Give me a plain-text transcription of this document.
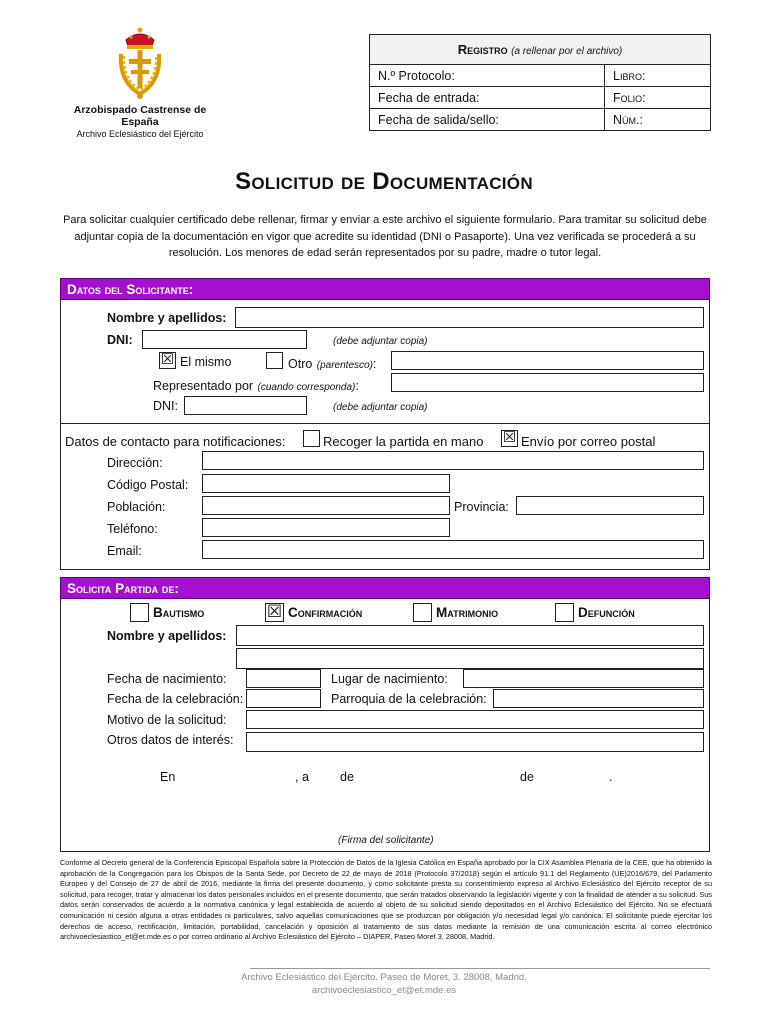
Arzobispado Castrense de España
Archivo Eclesiástico del Ejército
Registro (a rellenar por el archivo)	
N.º Protocolo:	Libro:
Fecha de entrada:	Folio:
Fecha de salida/sello:	Núm.:
Solicitud de Documentación
Para solicitar cualquier certificado debe rellenar, firmar y enviar a este archivo el siguiente formulario. Para tramitar su solicitud debe adjuntar copia de la documentación en vigor que acredite su identidad (DNI o Pasaporte). Una vez verificada se procederá a su resolución. Los menores de edad serán representados por su padre, madre o tutor legal.
Datos del Solicitante:
Nombre y apellidos:
DNI:	(debe adjuntar copia)
☒ El mismo	Otro (parentesco):
Representado por (cuando corresponda):
DNI:	(debe adjuntar copia)
Datos de contacto para notificaciones:	Recoger la partida en mano ☒ Envío por correo postal
Dirección:
Código Postal:
Población:	Provincia:
Teléfono:
Email:
Solicita Partida de:
Bautismo	☒ Confirmación	Matrimonio	Defunción
Nombre y apellidos:
Fecha de nacimiento:	Lugar de nacimiento:
Fecha de la celebración:	Parroquia de la celebración:
Motivo de la solicitud:
Otros datos de interés:
En	, a de	de	.
(Firma del solicitante)
Conforme al Decreto general de la Conferencia Episcopal Española sobre la Protección de Datos de la Iglesia Católica en España aprobado por la CIX Asamblea Plenaria de la CEE, que ha obtenido la aprobación de la Congregación para los Obispos de la Santa Sede, por Decreto de 22 de mayo de 2018 (Protocolo 37/2018) según el artículo 91.1 del Reglamento (UE)2016/679, del Parlamento Europeo y del Consejo de 27 de abril de 2016, mediante la firma del presente documento, y como solicitante presta su consentimiento expreso al Archivo Eclesiástico del Ejército receptor de su solicitud, para recoger, tratar y almacenar los datos personales incluidos en el presente documento, que serán tratados observando la legislación vigente y con la finalidad de atender a su solicitud. Sus datos serán conservados de acuerdo a la normativa canónica y legal establecida de acuerdo al objeto de su solicitud siendo depositados en el Archivo Eclesiástico del Ejército. No se efectuará comunicación ni cesión alguna a otras entidades ni particulares, salvo aquellas comunicaciones que se produzcan por obligación y/o necesidad legal y/o canónica. El solicitante puede ejercitar los derechos de acceso, rectificación, limitación, portabilidad, cancelación y oposición al tratamiento de sus datos mediante la remisión de una comunicación escrita al correo electrónico archivoeclesiastico_et@et.mde.es o por correo ordinario al Archivo Eclesiástico del Ejército – DIAPER, Paseo Moret 3, 28008, Madrid.
Archivo Eclesiástico del Ejército. Paseo de Moret, 3. 28008, Madrid.
archivoeclesiastico_et@et.mde.es
